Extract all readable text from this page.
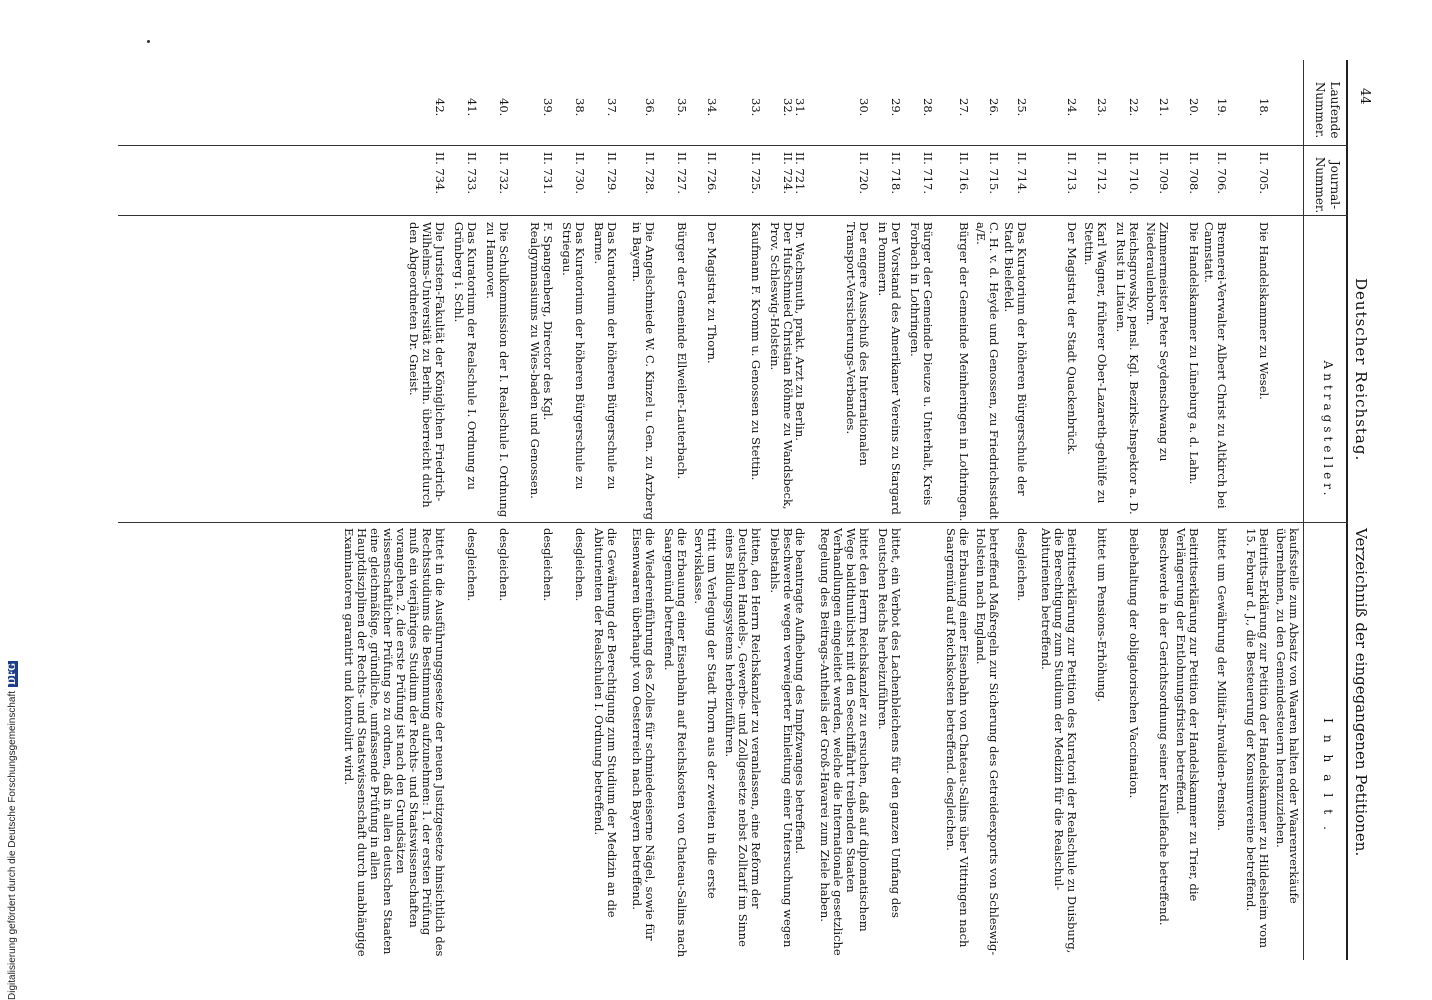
44
Deutscher Reichstag.
Verzeichniß der eingegangenen Petitionen.
Laufende Nummer.
Journal-Nummer.
Antragsteller.
Inhalt.
kaufsstelle zum Absatz von Waaren halten oder Waarenverkäufe übernehmen, zu den Gemeindesteuern heranzuziehen.
18.
II. 705.
Die Handelskammer zu Wesel.
Beitritts-Erklärung zur Petition der Handelskammer zu Hildesheim vom 15. Februar d. J., die Besteuerung der Konsumvereine betreffend.
19.
II. 706.
Brennerei-Verwalter Albert Christ zu Altkirch bei Cannstatt.
bittet um Gewährung der Militär-Invaliden-Pension.
20.
II. 708.
Die Handelskammer zu Lüneburg a. d. Lahn.
Beitrittserklärung zur Petition der Handelskammer zu Trier, die Verlängerung der Entlohnungsfristen betreffend.
21.
II. 709.
Zimmermeister Peter Seydenschwang zu Niederaulenborn.
Beschwerde in der Gerichtsordnung seiner Kurallefache betreffend.
22.
II. 710.
Reichsgrowsky, pensl. Kgl. Bezirks-Inspektor a. D. zu Rust in Litauen.
Beibehaltung der obligatorischen Vaccination.
23.
II. 712.
Karl Wagner, früherer Ober-Lazareth-gehülfe zu Stettin.
bittet um Pensions-Erhöhung.
24.
II. 713.
Der Magistrat der Stadt Quackenbrück.
Beitrittserklärung zur Petition des Kuratorii der Realschule zu Duisburg, die Berechtigung zum Studium der Medizin für die Realschul-Abiturienten betreffend.
25.
II. 714.
Das Kuratorium der höheren Bürgerschule der Stadt Bielefeld.
desgleichen.
26.
II. 715.
C. H. v. d. Heyde und Genossen, zu Friedrichsstadt a/E.
betreffend Maßregeln zur Sicherung des Getreideexports von Schleswig-Holstein nach England.
27.
II. 716.
Bürger der Gemeinde Meinheringen in Lothringen.
die Erbauung einer Eisenbahn von Chateau-Salins über Vittringen nach Saargemünd auf Reichskosten betreffend. desgleichen.
28.
II. 717.
Bürger der Gemeinde Dieuze u. Unterhalt, Kreis Forbach in Lothringen.
29.
II. 718.
Der Vorstand des Amerikaner Vereins zu Stargard in Pommern.
bittet, ein Verbot des Lachenbleichens für den ganzen Umfang des Deutschen Reichs herbeizuführen.
30.
II. 720.
Der engere Ausschuß des Internationalen Transport-Versicherungs-Verbandes.
bittet den Herrn Reichskanzler zu ersuchen, daß auf diplomatischem Wege baldthunlichst mit den Seeschiffahrt treibenden Staaten Verhandlungen eingeleitet werden, welche die Internationale gesetzliche Regelung des Beitrags-Antheils der Groß-Havarei zum Ziele haben.
31.
II. 721.
Dr. Wachsmuth, prakt. Arzt zu Berlin.
die beantragte Aufhebung des Impfzwanges betreffend.
32.
II. 724.
Der Hufschmied Christian Röhme zu Wandsbeck, Prov. Schleswig-Holstein.
Beschwerde wegen verweigerter Einleitung einer Untersuchung wegen Diebstahls.
33.
II. 725.
Kaufmann F. Kromm u. Genossen zu Stettin.
bitten, den Herrn Reichskanzler zu veranlassen, eine Reform der Deutschen Handels-, Gewerbe- und Zollgesetze nebst Zolltarif im Sinne eines Bildungssystems herbeizuführen.
34.
II. 726.
Der Magistrat zu Thorn.
tritt um Verlegung der Stadt Thorn aus der zweiten in die erste Servisklasse.
35.
II. 727.
Bürger der Gemeinde Ellweiler-Lauterbach.
die Erbauung einer Eisenbahn auf Reichskosten von Chateau-Salins nach Saargemünd betreffend.
36.
II. 728.
Die Angelschmiede W. C. Kinzel u. Gen. zu Arzberg in Bayern.
die Wiedereinführung des Zolles für schmiedeeiserne Nägel, sowie für Eisenwaaren überhaupt von Oesterreich nach Bayern betreffend.
37.
II. 729.
Das Kuratorium der höheren Bürgerschule zu Barme.
die Gewährung der Berechtigung zum Studium der Medizin an die Abiturienten der Realschulen I. Ordnung betreffend.
38.
II. 730.
Das Kuratorium der höheren Bürgerschule zu Striegau.
desgleichen.
39.
II. 731.
F. Spangenberg, Director des Kgl. Realgymnasiums zu Wies-baden und Genossen.
desgleichen.
40.
II. 732.
Die Schulkommission der I. Realschule I. Ordnung zu Hannover.
desgleichen.
41.
II. 733.
Das Kuratorium der Realschule I. Ordnung zu Grünberg i. Schl.
desgleichen.
42.
II. 734.
Die Juristen-Fakultät der Königlichen Friedrich-Wilhelms-Universität zu Berlin. überreicht durch den Abgeordneten Dr. Gneist.
bittet in die Ausführungsgesetze der neuen Justizgesetze hinsichtlich des Rechtsstudiums die Bestimmung aufzunehmen: 1. der ersten Prüfung muß ein vierjähriges Studium der Rechts- und Staatswissenschaften vorangehen. 2. die erste Prüfung ist nach den Grundsätzen wissenschaftlicher Prüfung so zu ordnen, daß in allen deutschen Staaten eine gleichmäßige, gründliche, umfassende Prüfung in allen Hauptdisziplinen der Rechts- und Staatswissenschaft durch unabhängige Examinatoren garantirt und kontrolirt wird.
Digitalisierung gefördert durch die Deutsche ForschungsgemeinschaftDFG
